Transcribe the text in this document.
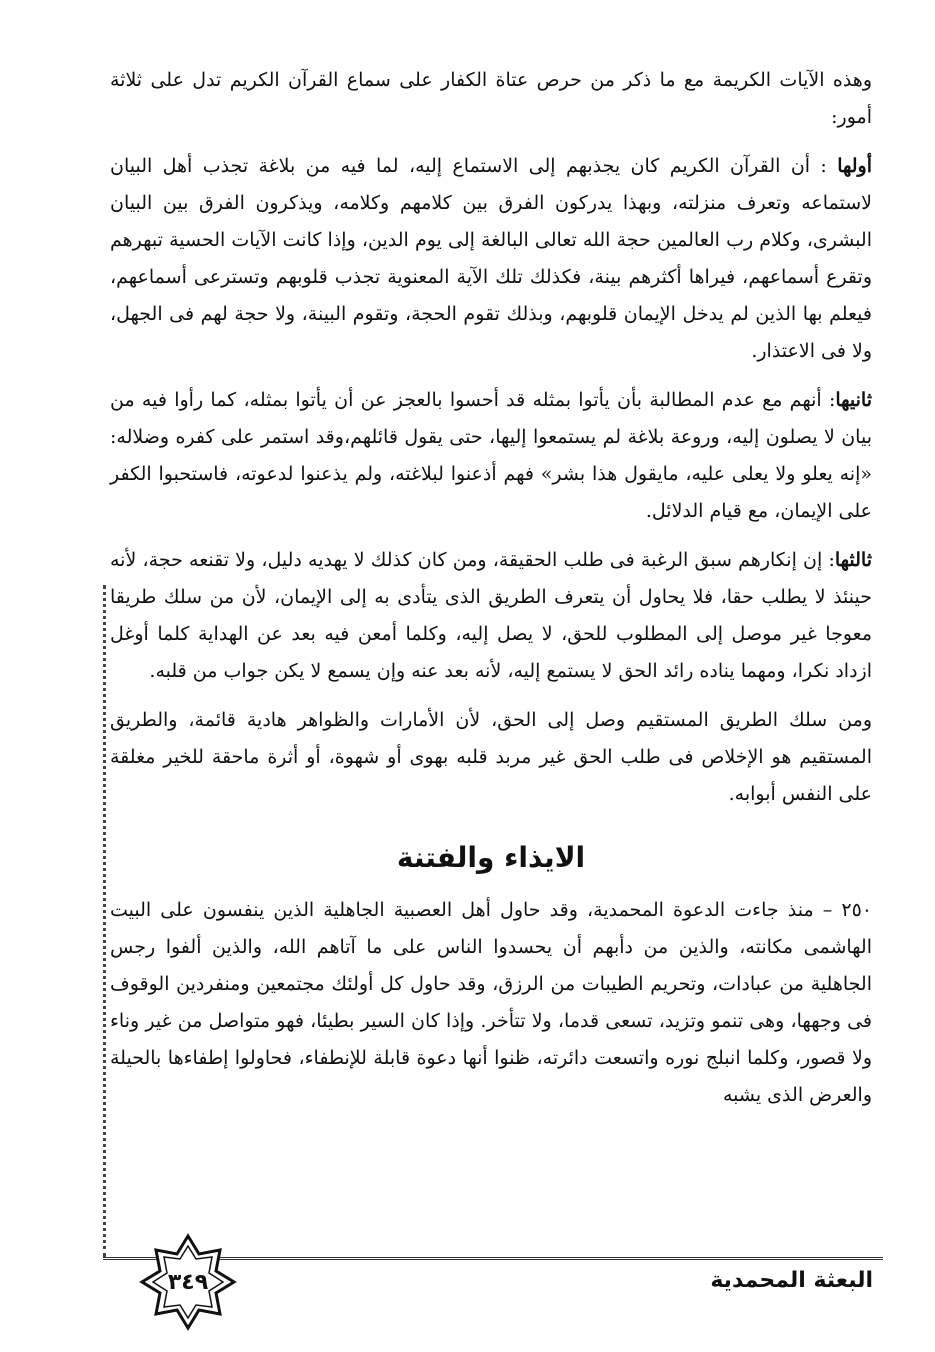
وهذه الآيات الكريمة مع ما ذكر من حرص عتاة الكفار على سماع القرآن الكريم تدل على ثلاثة أمور:

أولها : أن القرآن الكريم كان يجذبهم إلى الاستماع إليه، لما فيه من بلاغة تجذب أهل البيان لاستماعه وتعرف منزلته، وبهذا يدركون الفرق بين كلامهم وكلامه، ويذكرون الفرق بين البيان البشرى، وكلام رب العالمين حجة الله تعالى البالغة إلى يوم الدين، وإذا كانت الآيات الحسية تبهرهم وتقرع أسماعهم، فيراها أكثرهم بينة، فكذلك تلك الآية المعنوية تجذب قلوبهم وتسترعى أسماعهم، فيعلم بها الذين لم يدخل الإيمان قلوبهم، وبذلك تقوم الحجة، وتقوم البينة، ولا حجة لهم فى الجهل، ولا فى الاعتذار.

ثانيها: أنهم مع عدم المطالبة بأن يأتوا بمثله قد أحسوا بالعجز عن أن يأتوا بمثله، كما رأوا فيه من بيان لا يصلون إليه، وروعة بلاغة لم يستمعوا إليها، حتى يقول قائلهم،وقد استمر على كفره وضلاله: «إنه يعلو ولا يعلى عليه، مايقول هذا بشر» فهم أذعنوا لبلاغته، ولم يذعنوا لدعوته، فاستحبوا الكفر على الإيمان، مع قيام الدلائل.

ثالثها: إن إنكارهم سبق الرغبة فى طلب الحقيقة، ومن كان كذلك لا يهديه دليل، ولا تقنعه حجة، لأنه حينئذ لا يطلب حقا، فلا يحاول أن يتعرف الطريق الذى يتأدى به إلى الإيمان، لأن من سلك طريقا معوجا غير موصل إلى المطلوب للحق، لا يصل إليه، وكلما أمعن فيه بعد عن الهداية كلما أوغل ازداد نكرا، ومهما يناده رائد الحق لا يستمع إليه، لأنه بعد عنه وإن يسمع لا يكن جواب من قلبه.

ومن سلك الطريق المستقيم وصل إلى الحق، لأن الأمارات والظواهر هادية قائمة، والطريق المستقيم هو الإخلاص فى طلب الحق غير مربد قلبه بهوى أو شهوة، أو أثرة ماحقة للخير مغلقة على النفس أبوابه.

الايذاء والفتنة

٢٥٠ – منذ جاءت الدعوة المحمدية، وقد حاول أهل العصبية الجاهلية الذين ينفسون على البيت الهاشمى مكانته، والذين من دأبهم أن يحسدوا الناس على ما آتاهم الله، والذين ألفوا رجس الجاهلية من عبادات، وتحريم الطيبات من الرزق، وقد حاول كل أولئك مجتمعين ومنفردين الوقوف فى وجهها، وهى تنمو وتزيد، تسعى قدما، ولا تتأخر. وإذا كان السير بطيئا، فهو متواصل من غير وناء ولا قصور، وكلما انبلج نوره واتسعت دائرته، ظنوا أنها دعوة قابلة للإنطفاء، فحاولوا إطفاءها بالحيلة والعرض الذى يشبه

البعثة المحمدية
٣٤٩
